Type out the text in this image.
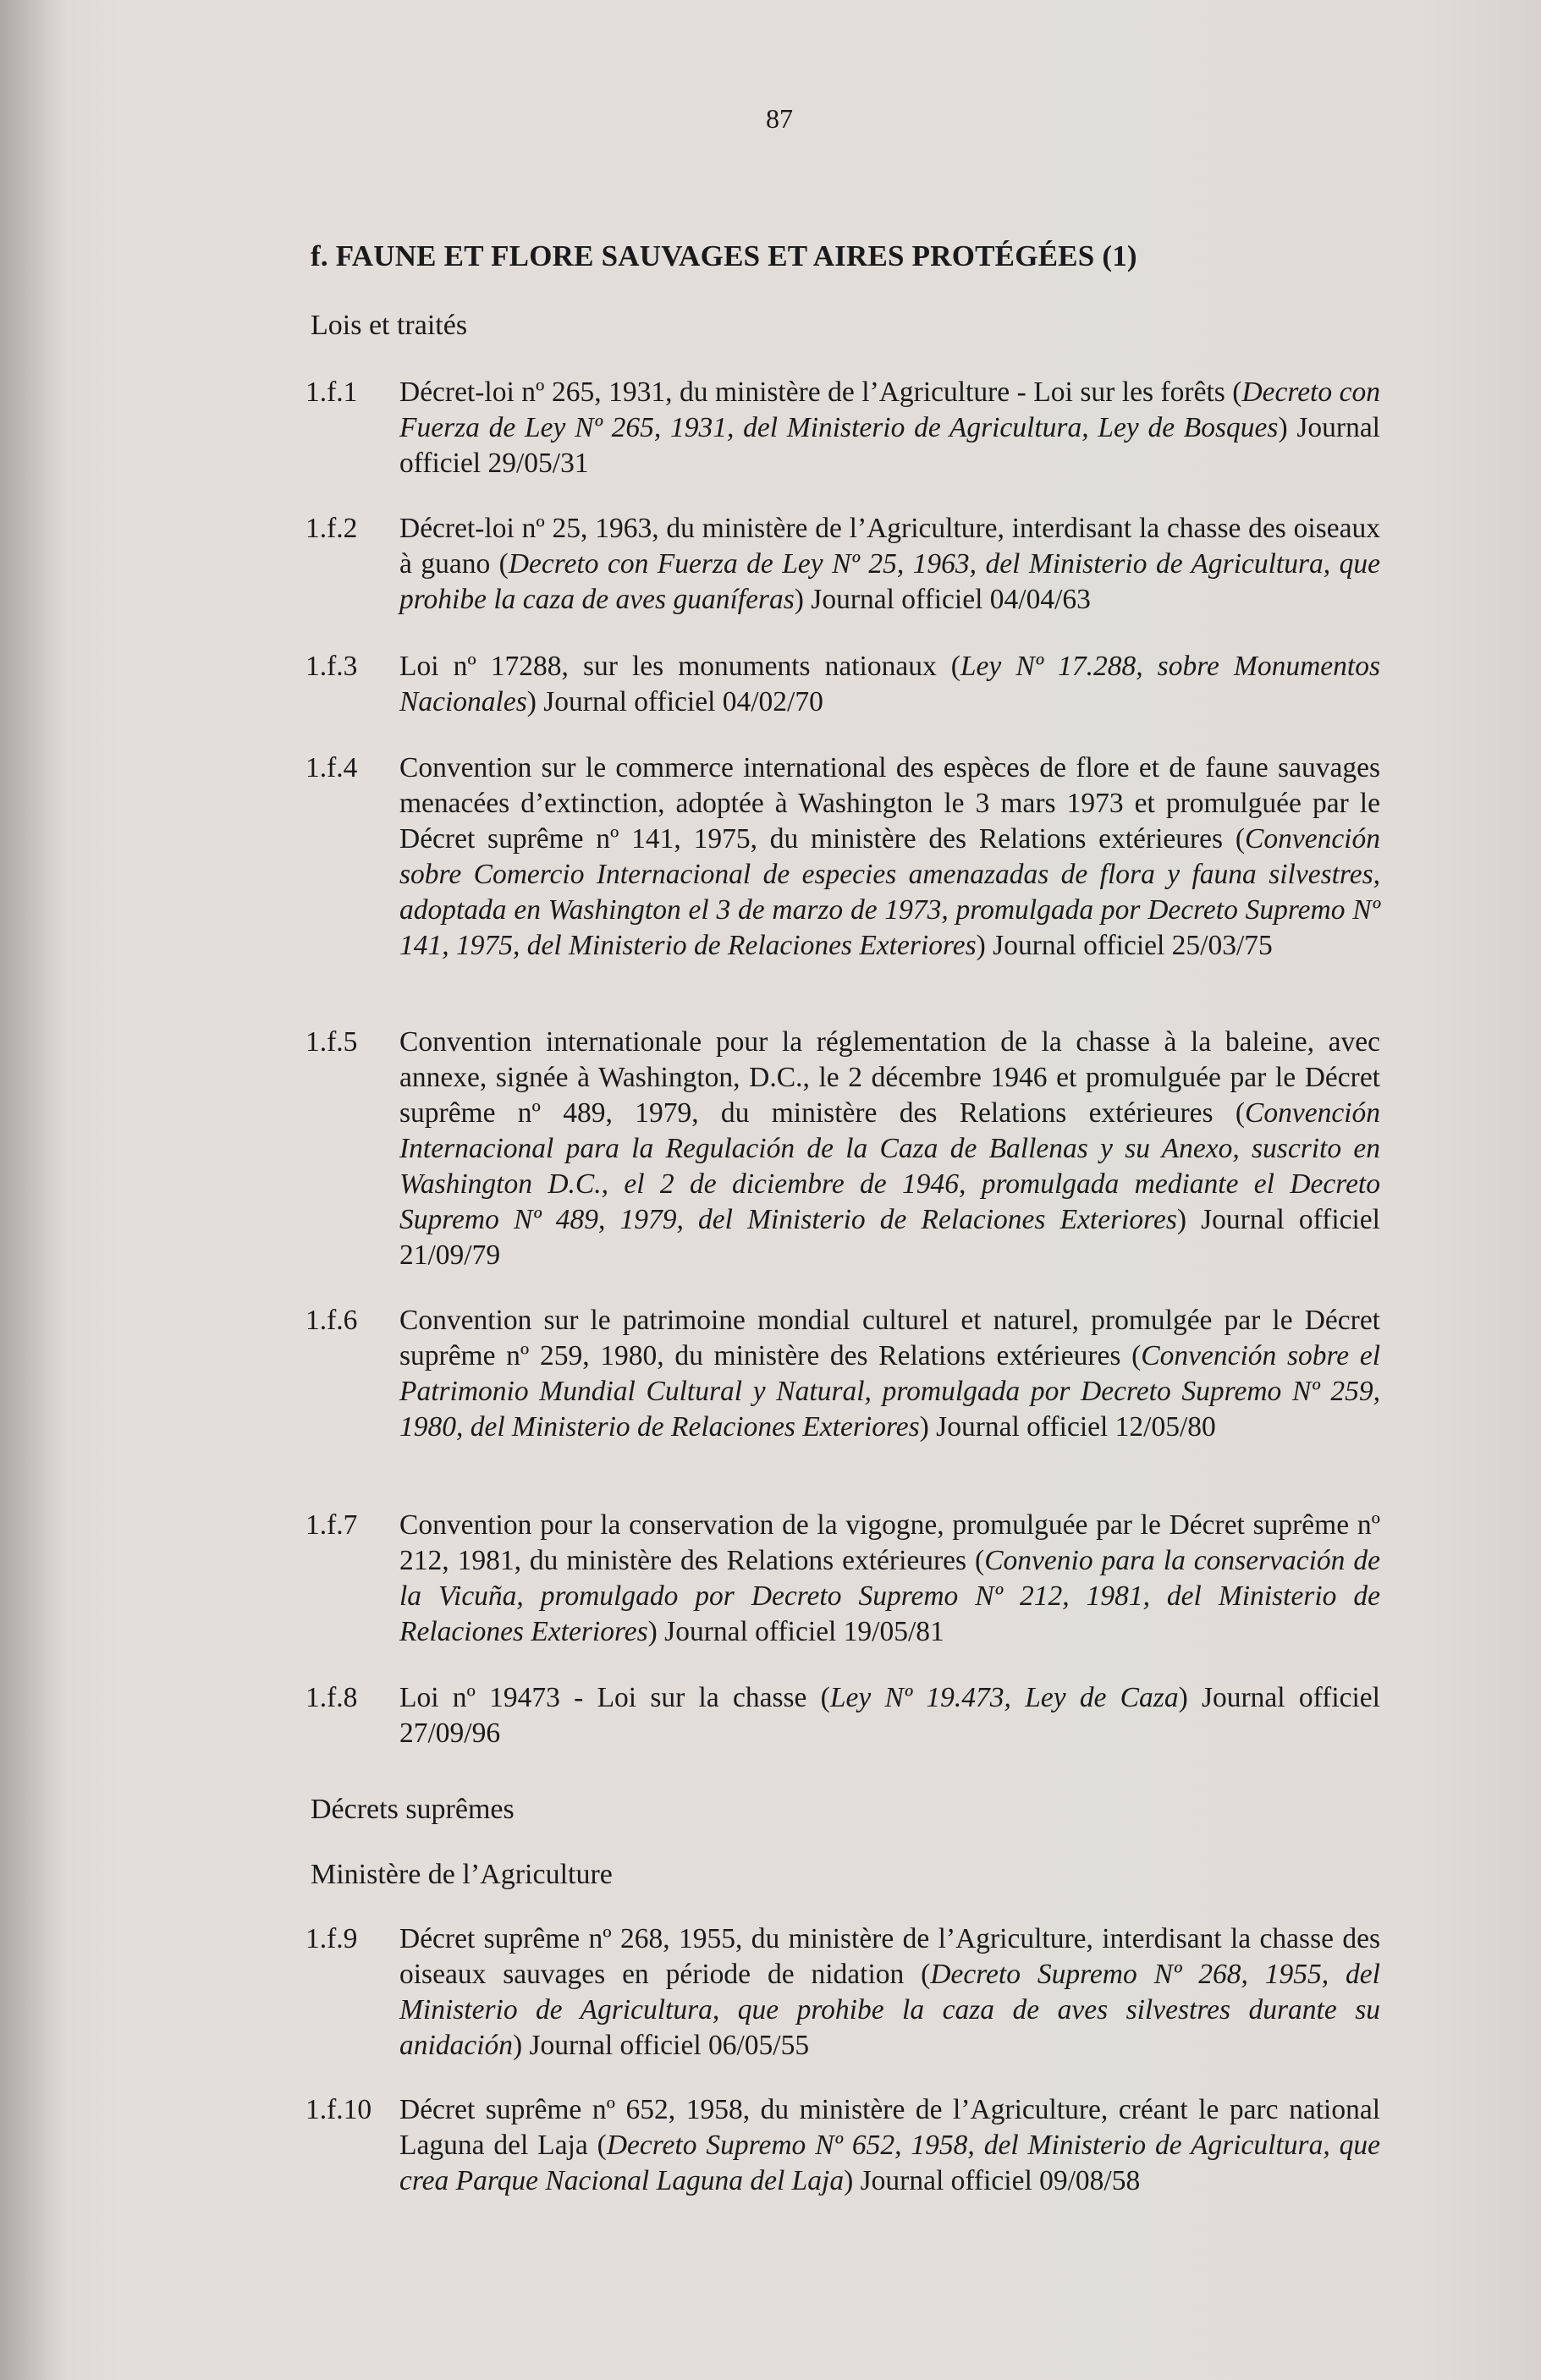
87
f. FAUNE ET FLORE SAUVAGES ET AIRES PROTÉGÉES (1)
Lois et traités
1.f.1	Décret-loi nº 265, 1931, du ministère de l’Agriculture - Loi sur les forêts (Decreto con Fuerza de Ley Nº 265, 1931, del Ministerio de Agricultura, Ley de Bosques) Journal officiel 29/05/31
1.f.2	Décret-loi nº 25, 1963, du ministère de l’Agriculture, interdisant la chasse des oiseaux à guano (Decreto con Fuerza de Ley Nº 25, 1963, del Ministerio de Agricultura, que prohibe la caza de aves guaníferas) Journal officiel 04/04/63
1.f.3	Loi nº 17288, sur les monuments nationaux (Ley Nº 17.288, sobre Monumentos Nacionales) Journal officiel 04/02/70
1.f.4	Convention sur le commerce international des espèces de flore et de faune sauvages menacées d’extinction, adoptée à Washington le 3 mars 1973 et promulguée par le Décret suprême nº 141, 1975, du ministère des Relations extérieures (Convención sobre Comercio Internacional de especies amenazadas de flora y fauna silvestres, adoptada en Washington el 3 de marzo de 1973, promulgada por Decreto Supremo Nº 141, 1975, del Ministerio de Relaciones Exteriores) Journal officiel 25/03/75
1.f.5	Convention internationale pour la réglementation de la chasse à la baleine, avec annexe, signée à Washington, D.C., le 2 décembre 1946 et promulguée par le Décret suprême nº 489, 1979, du ministère des Relations extérieures (Convención Internacional para la Regulación de la Caza de Ballenas y su Anexo, suscrito en Washington D.C., el 2 de diciembre de 1946, promulgada mediante el Decreto Supremo Nº 489, 1979, del Ministerio de Relaciones Exteriores) Journal officiel 21/09/79
1.f.6	Convention sur le patrimoine mondial culturel et naturel, promulgée par le Décret suprême nº 259, 1980, du ministère des Relations extérieures (Convención sobre el Patrimonio Mundial Cultural y Natural, promulgada por Decreto Supremo Nº 259, 1980, del Ministerio de Relaciones Exteriores) Journal officiel 12/05/80
1.f.7	Convention pour la conservation de la vigogne, promulguée par le Décret suprême nº 212, 1981, du ministère des Relations extérieures (Convenio para la conservación de la Vicuña, promulgado por Decreto Supremo Nº 212, 1981, del Ministerio de Relaciones Exteriores) Journal officiel 19/05/81
1.f.8	Loi nº 19473 - Loi sur la chasse (Ley Nº 19.473, Ley de Caza) Journal officiel 27/09/96
Décrets suprêmes
Ministère de l’Agriculture
1.f.9	Décret suprême nº 268, 1955, du ministère de l’Agriculture, interdisant la chasse des oiseaux sauvages en période de nidation (Decreto Supremo Nº 268, 1955, del Ministerio de Agricultura, que prohibe la caza de aves silvestres durante su anidación) Journal officiel 06/05/55
1.f.10 Décret suprême nº 652, 1958, du ministère de l’Agriculture, créant le parc national Laguna del Laja (Decreto Supremo Nº 652, 1958, del Ministerio de Agricultura, que crea Parque Nacional Laguna del Laja) Journal officiel 09/08/58
